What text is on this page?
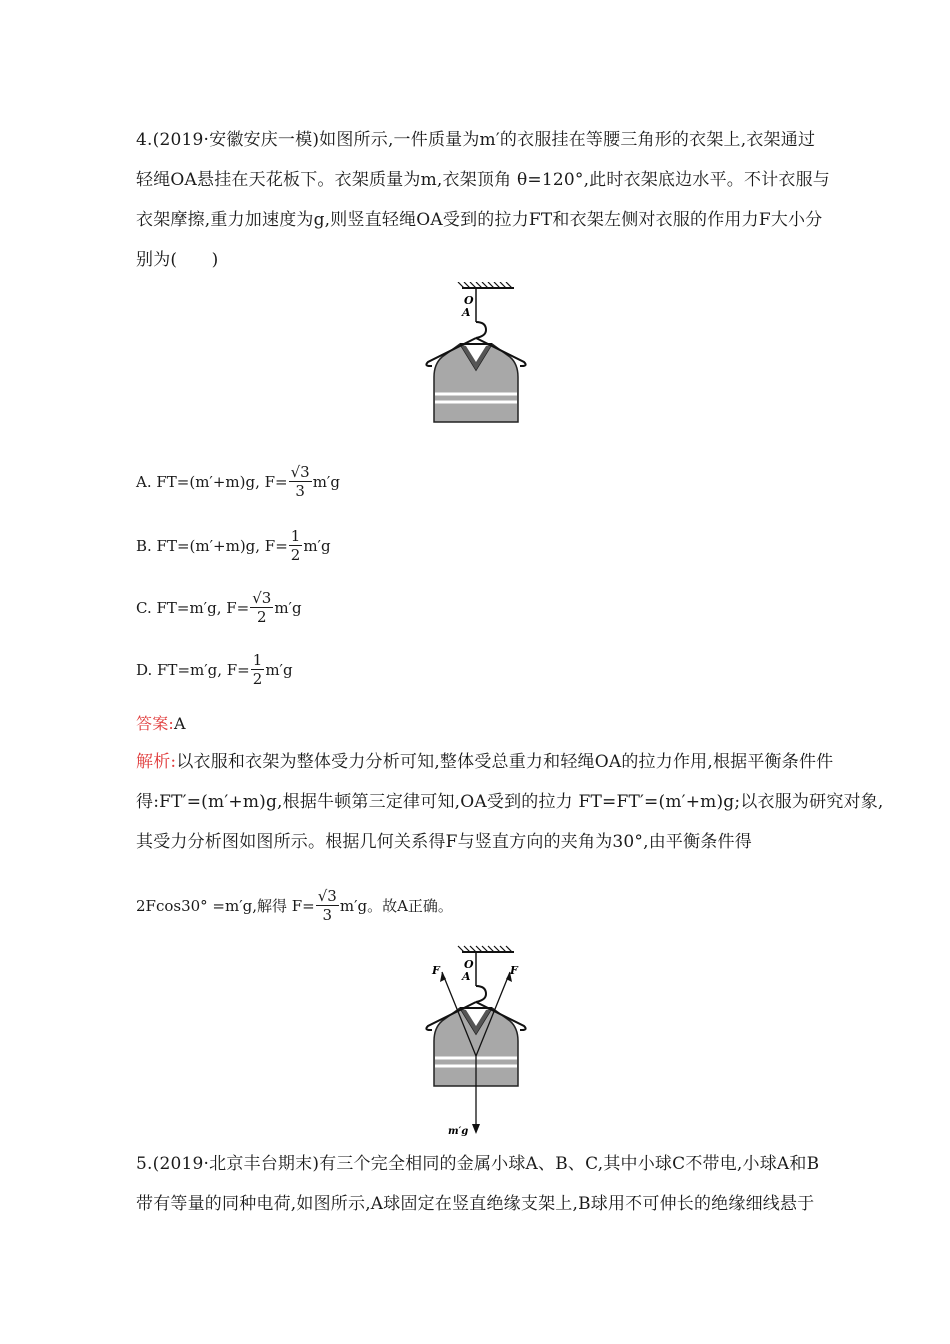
4.(2019·安徽安庆一模)如图所示,一件质量为m′的衣服挂在等腰三角形的衣架上,衣架通过
轻绳OA悬挂在天花板下。衣架质量为m,衣架顶角 θ=120°,此时衣架底边水平。不计衣服与
衣架摩擦,重力加速度为g,则竖直轻绳OA受到的拉力FT和衣架左侧对衣服的作用力F大小分
别为(　　)
O
A
A. FT=(m′+m)g, $F= \frac{√3}{3} m'g$
B. FT=(m′+m)g, $F= \frac{1}{2} m'g$
C. FT=m′g, $F= \frac{√3}{2} m'g$
D. FT=m′g, $F= \frac{1}{2} m'g$
答案:A
解析:以衣服和衣架为整体受力分析可知,整体受总重力和轻绳OA的拉力作用,根据平衡条件件
得:FT′=(m′+m)g,根据牛顿第三定律可知,OA受到的拉力 FT=FT′=(m′+m)g;以衣服为研究对象,
其受力分析图如图所示。根据几何关系得F与竖直方向的夹角为30°,由平衡条件得
2Fcos30° =m′g,解得 $F= \frac{√3}{3} m'g$。故A正确。
O
A
F	F
m′g
5.(2019·北京丰台期末)有三个完全相同的金属小球A、B、C,其中小球C不带电,小球A和B
带有等量的同种电荷,如图所示,A球固定在竖直绝缘支架上,B球用不可伸长的绝缘细线悬于
